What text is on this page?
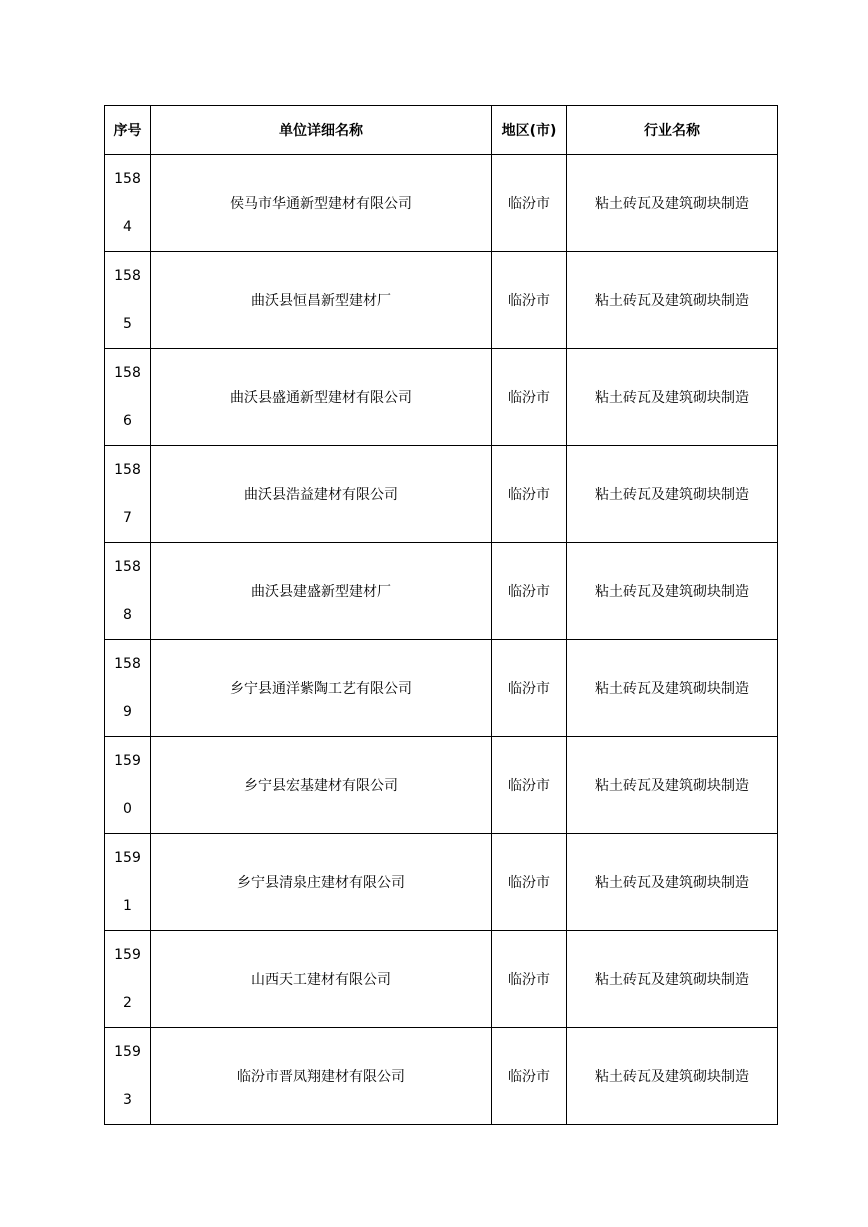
序号	单位详细名称	地区(市)	行业名称

1584	侯马市华通新型建材有限公司	临汾市	粘土砖瓦及建筑砌块制造

1585	曲沃县恒昌新型建材厂	临汾市	粘土砖瓦及建筑砌块制造

1586	曲沃县盛通新型建材有限公司	临汾市	粘土砖瓦及建筑砌块制造

1587	曲沃县浩益建材有限公司	临汾市	粘土砖瓦及建筑砌块制造

1588	曲沃县建盛新型建材厂	临汾市	粘土砖瓦及建筑砌块制造

1589	乡宁县通洋紫陶工艺有限公司	临汾市	粘土砖瓦及建筑砌块制造

1590	乡宁县宏基建材有限公司	临汾市	粘土砖瓦及建筑砌块制造

1591	乡宁县清泉庄建材有限公司	临汾市	粘土砖瓦及建筑砌块制造

1592	山西天工建材有限公司	临汾市	粘土砖瓦及建筑砌块制造

1593	临汾市晋凤翔建材有限公司	临汾市	粘土砖瓦及建筑砌块制造
